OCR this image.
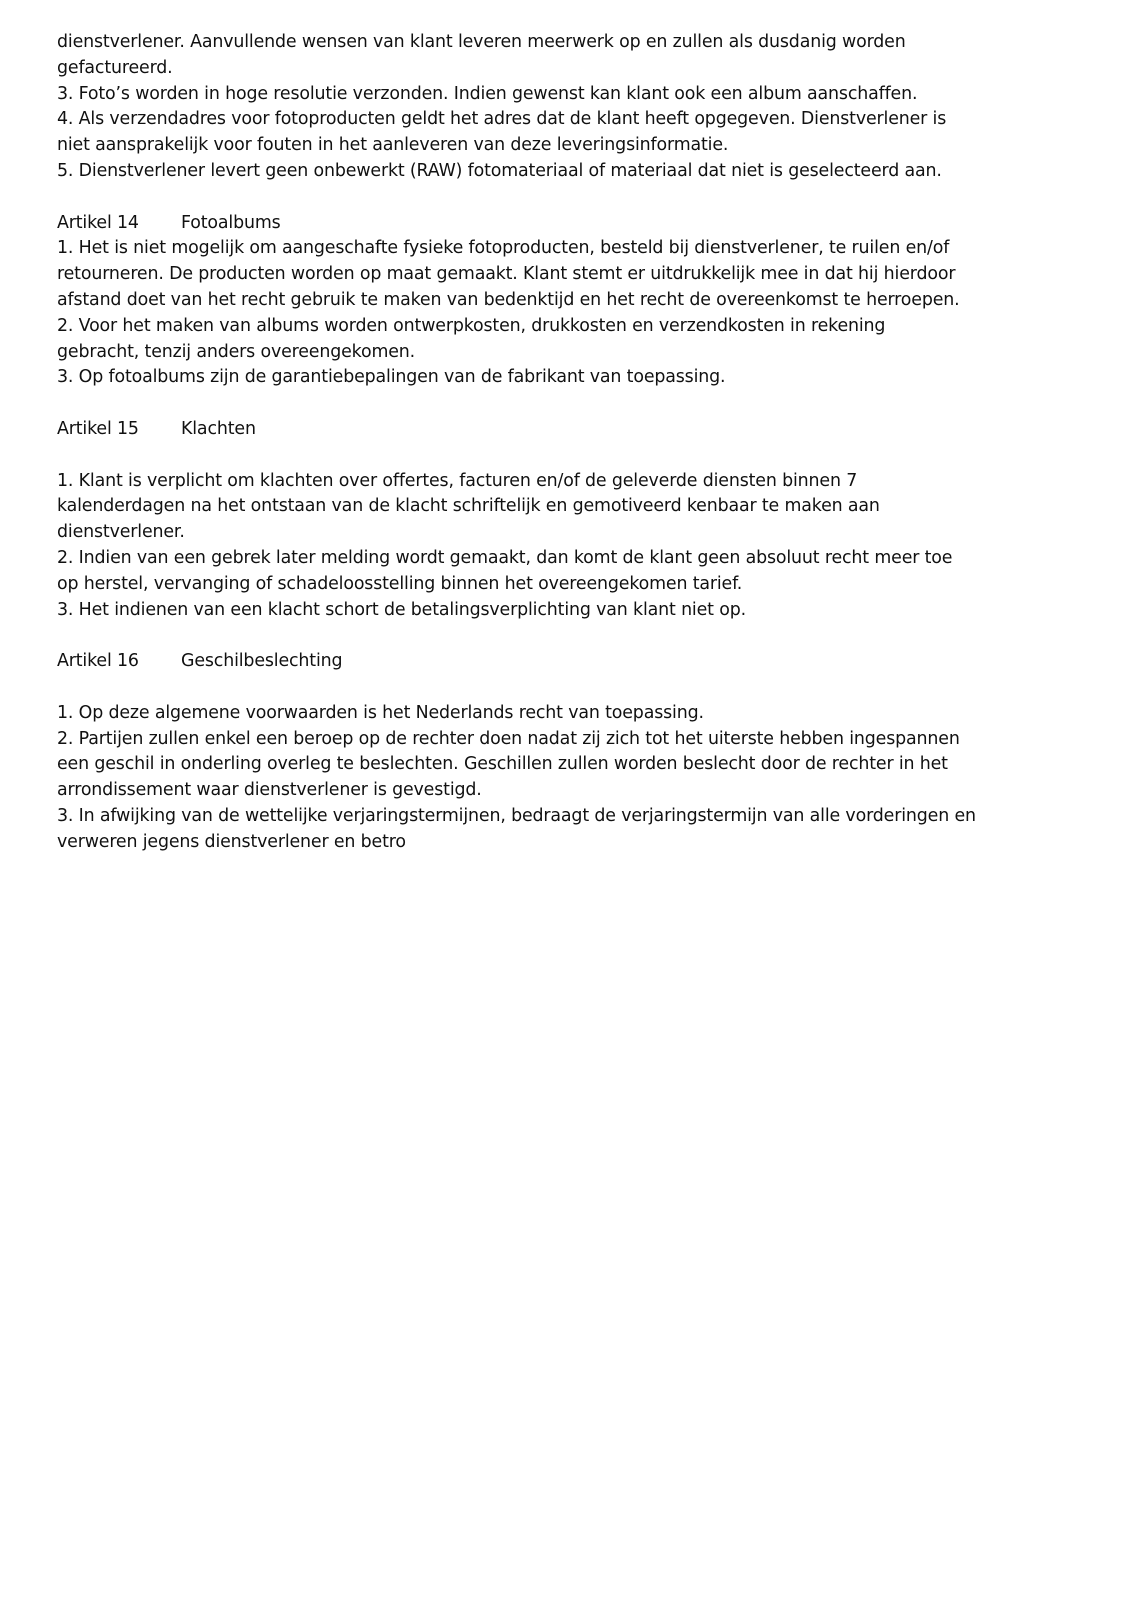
dienstverlener. Aanvullende wensen van klant leveren meerwerk op en zullen als dusdanig worden
gefactureerd.
3. Foto’s worden in hoge resolutie verzonden. Indien gewenst kan klant ook een album aanschaffen.
4. Als verzendadres voor fotoproducten geldt het adres dat de klant heeft opgegeven. Dienstverlener is
niet aansprakelijk voor fouten in het aanleveren van deze leveringsinformatie.
5. Dienstverlener levert geen onbewerkt (RAW) fotomateriaal of materiaal dat niet is geselecteerd aan.
Artikel 14 Fotoalbums
1. Het is niet mogelijk om aangeschafte fysieke fotoproducten, besteld bij dienstverlener, te ruilen en/of
retourneren. De producten worden op maat gemaakt. Klant stemt er uitdrukkelijk mee in dat hij hierdoor
afstand doet van het recht gebruik te maken van bedenktijd en het recht de overeenkomst te herroepen.
2. Voor het maken van albums worden ontwerpkosten, drukkosten en verzendkosten in rekening
gebracht, tenzij anders overeengekomen.
3. Op fotoalbums zijn de garantiebepalingen van de fabrikant van toepassing.
Artikel 15 Klachten
1. Klant is verplicht om klachten over offertes, facturen en/of de geleverde diensten binnen 7
kalenderdagen na het ontstaan van de klacht schriftelijk en gemotiveerd kenbaar te maken aan
dienstverlener.
2. Indien van een gebrek later melding wordt gemaakt, dan komt de klant geen absoluut recht meer toe
op herstel, vervanging of schadeloosstelling binnen het overeengekomen tarief.
3. Het indienen van een klacht schort de betalingsverplichting van klant niet op.
Artikel 16 Geschilbeslechting
1. Op deze algemene voorwaarden is het Nederlands recht van toepassing.
2. Partijen zullen enkel een beroep op de rechter doen nadat zij zich tot het uiterste hebben ingespannen
een geschil in onderling overleg te beslechten. Geschillen zullen worden beslecht door de rechter in het
arrondissement waar dienstverlener is gevestigd.
3. In afwijking van de wettelijke verjaringstermijnen, bedraagt de verjaringstermijn van alle vorderingen en
verweren jegens dienstverlener en betro
